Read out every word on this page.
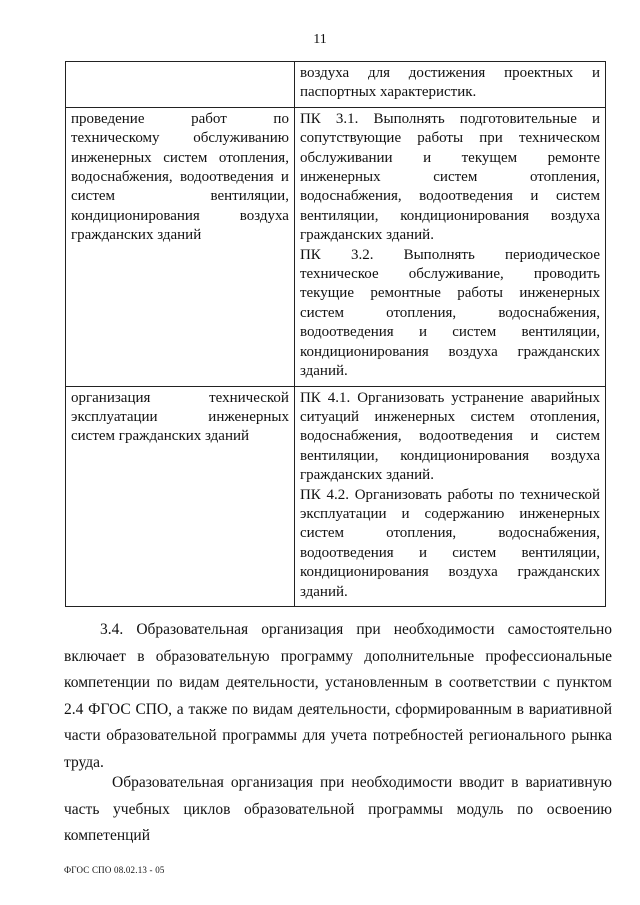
11

	воздуха для достижения проектных и паспортных характеристик.

проведение работ по техническому обслуживанию инженерных систем отопления, водоснабжения, водоотведения и систем вентиляции, кондиционирования воздуха гражданских зданий	ПК 3.1. Выполнять подготовительные и сопутствующие работы при техническом обслуживании и текущем ремонте инженерных систем отопления, водоснабжения, водоотведения и систем вентиляции, кондиционирования воздуха гражданских зданий.

ПК 3.2. Выполнять периодическое техническое обслуживание, проводить текущие ремонтные работы инженерных систем отопления, водоснабжения, водоотведения и систем вентиляции, кондиционирования воздуха гражданских зданий.

организация технической эксплуатации инженерных систем гражданских зданий	ПК 4.1. Организовать устранение аварийных ситуаций инженерных систем отопления, водоснабжения, водоотведения и систем вентиляции, кондиционирования воздуха гражданских зданий.

ПК 4.2. Организовать работы по технической эксплуатации и содержанию инженерных систем отопления, водоснабжения, водоотведения и систем вентиляции, кондиционирования воздуха гражданских зданий.

3.4. Образовательная организация при необходимости самостоятельно включает в образовательную программу дополнительные профессиональные компетенции по видам деятельности, установленным в соответствии с пунктом 2.4 ФГОС СПО, а также по видам деятельности, сформированным в вариативной части образовательной программы для учета потребностей регионального рынка труда.

Образовательная организация при необходимости вводит в вариативную часть учебных циклов образовательной программы модуль по освоению компетенций

ФГОС СПО 08.02.13 - 05
